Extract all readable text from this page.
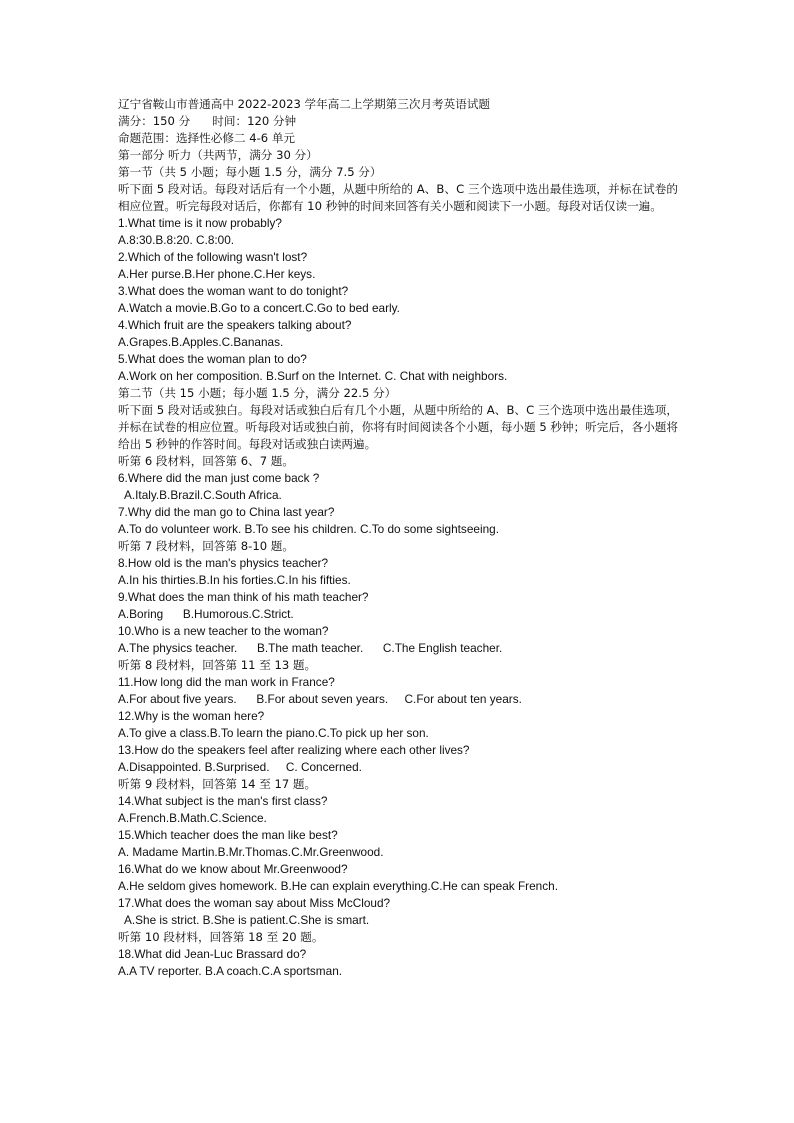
辽宁省鞍山市普通高中 2022-2023 学年高二上学期第三次月考英语试题
满分：150 分      时间：120 分钟
命题范围：选择性必修二 4-6 单元
第一部分 听力（共两节，满分 30 分）
第一节（共 5 小题；每小题 1.5 分，满分 7.5 分）
听下面 5 段对话。每段对话后有一个小题，从题中所给的 A、B、C 三个选项中选出最佳选项，并标在试卷的相应位置。听完每段对话后，你都有 10 秒钟的时间来回答有关小题和阅读下一小题。每段对话仅读一遍。
1.What time is it now probably?
A.8:30.B.8:20. C.8:00.
2.Which of the following wasn't lost?
A.Her purse.B.Her phone.C.Her keys.
3.What does the woman want to do tonight?
A.Watch a movie.B.Go to a concert.C.Go to bed early.
4.Which fruit are the speakers talking about?
A.Grapes.B.Apples.C.Bananas.
5.What does the woman plan to do?
A.Work on her composition. B.Surf on the Internet. C. Chat with neighbors.
第二节（共 15 小题；每小题 1.5 分，满分 22.5 分）
听下面 5 段对话或独白。每段对话或独白后有几个小题，从题中所给的 A、B、C 三个选项中选出最佳选项，并标在试卷的相应位置。听每段对话或独白前，你将有时间阅读各个小题，每小题 5 秒钟；听完后，各小题将给出 5 秒钟的作答时间。每段对话或独白读两遍。
听第 6 段材料，回答第 6、7 题。
6.Where did the man just come back ?
A.Italy.B.Brazil.C.South Africa.
7.Why did the man go to China last year?
A.To do volunteer work. B.To see his children. C.To do some sightseeing.
听第 7 段材料，回答第 8-10 题。
8.How old is the man's physics teacher?
A.In his thirties.B.In his forties.C.In his fifties.
9.What does the man think of his math teacher?
A.Boring      B.Humorous.C.Strict.
10.Who is a new teacher to the woman?
A.The physics teacher.      B.The math teacher.      C.The English teacher.
听第 8 段材料，回答第 11 至 13 题。
11.How long did the man work in France?
A.For about five years.      B.For about seven years.     C.For about ten years.
12.Why is the woman here?
A.To give a class.B.To learn the piano.C.To pick up her son.
13.How do the speakers feel after realizing where each other lives?
A.Disappointed. B.Surprised.     C. Concerned.
听第 9 段材料，回答第 14 至 17 题。
14.What subject is the man's first class?
A.French.B.Math.C.Science.
15.Which teacher does the man like best?
A. Madame Martin.B.Mr.Thomas.C.Mr.Greenwood.
16.What do we know about Mr.Greenwood?
A.He seldom gives homework. B.He can explain everything.C.He can speak French.
17.What does the woman say about Miss McCloud?
A.She is strict. B.She is patient.C.She is smart.
听第 10 段材料，回答第 18 至 20 题。
18.What did Jean-Luc Brassard do?
A.A TV reporter. B.A coach.C.A sportsman.
